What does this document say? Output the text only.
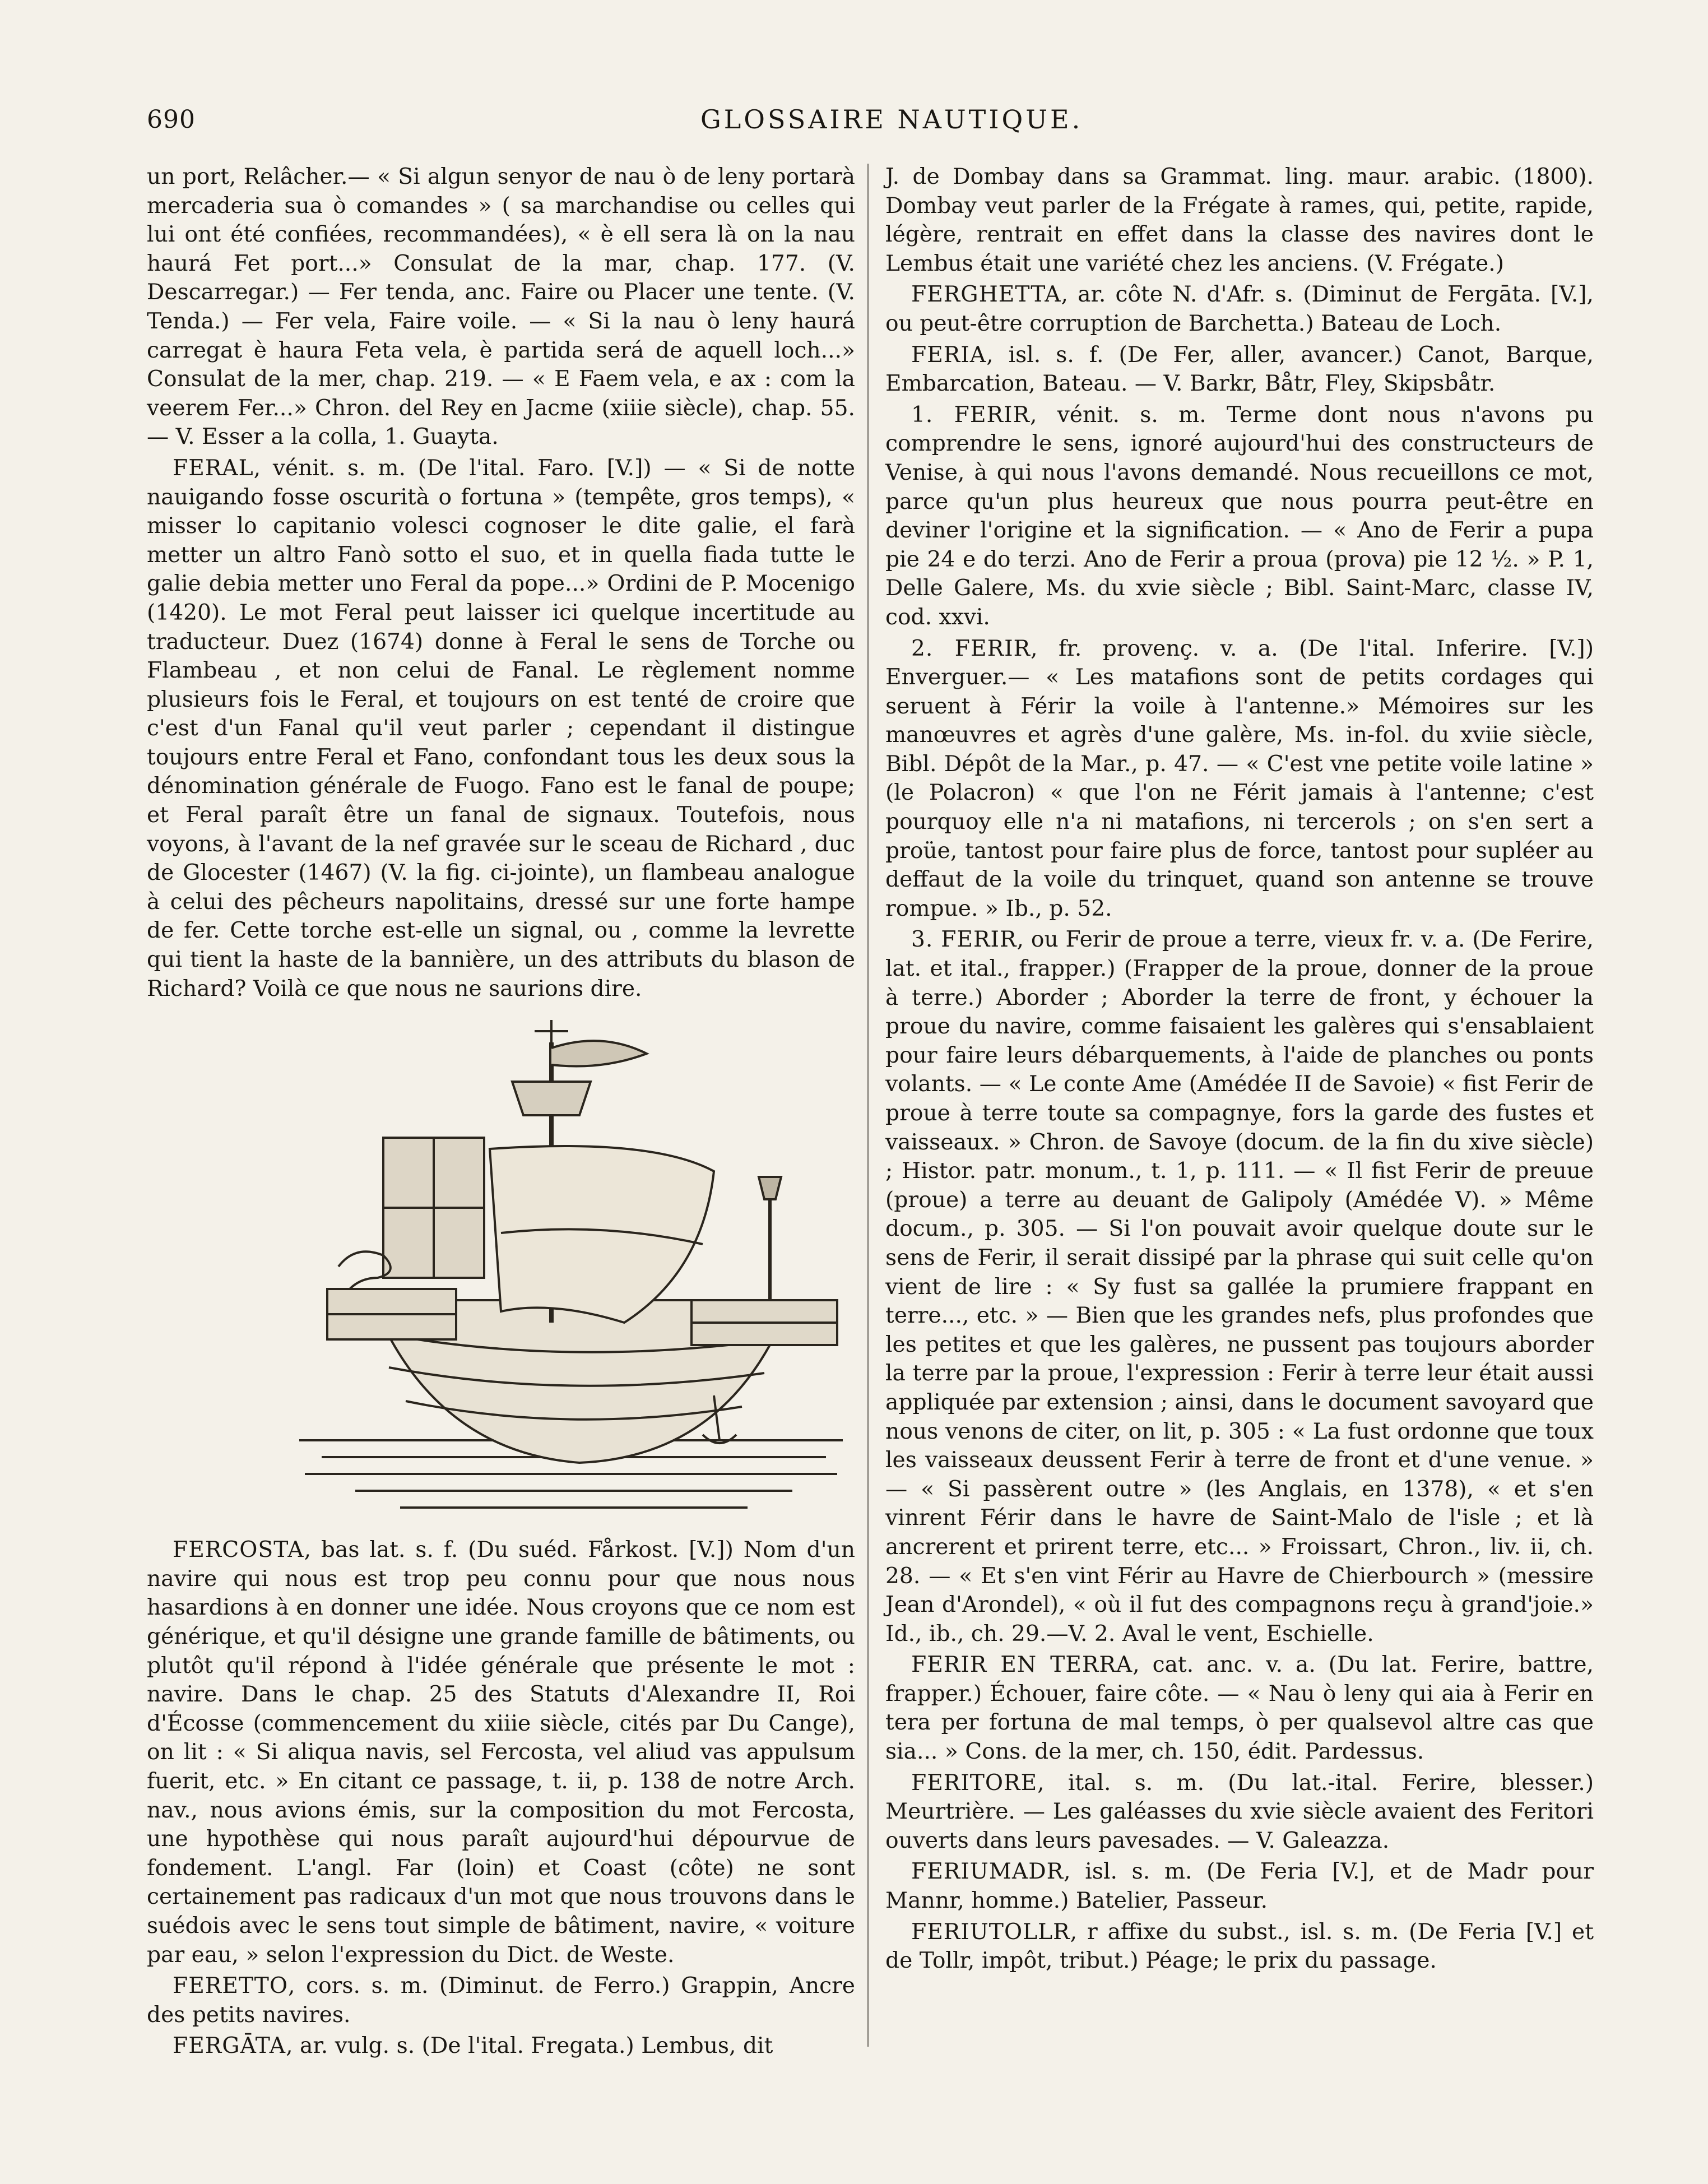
690	GLOSSAIRE NAUTIQUE.

un port, Relâcher.— « Si algun senyor de nau ò de leny portarà mercaderia sua ò comandes » ( sa marchandise ou celles qui lui ont été confiées, recommandées), « è ell sera là on la nau haurá Fet port...» Consulat de la mar, chap. 177. (V. Descarregar.) — Fer tenda, anc. Faire ou Placer une tente. (V. Tenda.) — Fer vela, Faire voile. — « Si la nau ò leny haurá carregat è haura Feta vela, è partida será de aquell loch...» Consulat de la mer, chap. 219. — « E Faem vela, e ax : com la veerem Fer...» Chron. del Rey en Jacme (xiiie siècle), chap. 55. — V. Esser a la colla, 1. Guayta.

FERAL, vénit. s. m. (De l'ital. Faro. [V.]) — « Si de notte nauigando fosse oscurità o fortuna » (tempête, gros temps), « misser lo capitanio volesci cognoser le dite galie, el farà metter un altro Fanò sotto el suo, et in quella fiada tutte le galie debia metter uno Feral da pope...» Ordini de P. Mocenigo (1420). Le mot Feral peut laisser ici quelque incertitude au traducteur. Duez (1674) donne à Feral le sens de Torche ou Flambeau , et non celui de Fanal. Le règlement nomme plusieurs fois le Feral, et toujours on est tenté de croire que c'est d'un Fanal qu'il veut parler ; cependant il distingue toujours entre Feral et Fano, confondant tous les deux sous la dénomination générale de Fuogo. Fano est le fanal de poupe; et Feral paraît être un fanal de signaux. Toutefois, nous voyons, à l'avant de la nef gravée sur le sceau de Richard , duc de Glocester (1467) (V. la fig. ci-jointe), un flambeau analogue à celui des pêcheurs napolitains, dressé sur une forte hampe de fer. Cette torche est-elle un signal, ou , comme la levrette qui tient la haste de la bannière, un des attributs du blason de Richard? Voilà ce que nous ne saurions dire.

FERCOSTA, bas lat. s. f. (Du suéd. Fårkost. [V.]) Nom d'un navire qui nous est trop peu connu pour que nous nous hasardions à en donner une idée. Nous croyons que ce nom est générique, et qu'il désigne une grande famille de bâtiments, ou plutôt qu'il répond à l'idée générale que présente le mot : navire. Dans le chap. 25 des Statuts d'Alexandre II, Roi d'Écosse (commencement du xiiie siècle, cités par Du Cange), on lit : « Si aliqua navis, sel Fercosta, vel aliud vas appulsum fuerit, etc. » En citant ce passage, t. ii, p. 138 de notre Arch. nav., nous avions émis, sur la composition du mot Fercosta, une hypothèse qui nous paraît aujourd'hui dépourvue de fondement. L'angl. Far (loin) et Coast (côte) ne sont certainement pas radicaux d'un mot que nous trouvons dans le suédois avec le sens tout simple de bâtiment, navire, « voiture par eau, » selon l'expression du Dict. de Weste.

FERETTO, cors. s. m. (Diminut. de Ferro.) Grappin, Ancre des petits navires.

FERGĀTA, ar. vulg. s. (De l'ital. Fregata.) Lembus, dit

J. de Dombay dans sa Grammat. ling. maur. arabic. (1800). Dombay veut parler de la Frégate à rames, qui, petite, rapide, légère, rentrait en effet dans la classe des navires dont le Lembus était une variété chez les anciens. (V. Frégate.)

FERGHETTA, ar. côte N. d'Afr. s. (Diminut de Fergāta. [V.], ou peut-être corruption de Barchetta.) Bateau de Loch.

FERIA, isl. s. f. (De Fer, aller, avancer.) Canot, Barque, Embarcation, Bateau. — V. Barkr, Båtr, Fley, Skipsbåtr.

1. FERIR, vénit. s. m. Terme dont nous n'avons pu comprendre le sens, ignoré aujourd'hui des constructeurs de Venise, à qui nous l'avons demandé. Nous recueillons ce mot, parce qu'un plus heureux que nous pourra peut-être en deviner l'origine et la signification. — « Ano de Ferir a pupa pie 24 e do terzi. Ano de Ferir a proua (prova) pie 12 ½. » P. 1, Delle Galere, Ms. du xvie siècle ; Bibl. Saint-Marc, classe IV, cod. xxvi.

2. FERIR, fr. provenç. v. a. (De l'ital. Inferire. [V.]) Enverguer.— « Les matafions sont de petits cordages qui seruent à Férir la voile à l'antenne.» Mémoires sur les manœuvres et agrès d'une galère, Ms. in-fol. du xviie siècle, Bibl. Dépôt de la Mar., p. 47. — « C'est vne petite voile latine » (le Polacron) « que l'on ne Férit jamais à l'antenne; c'est pourquoy elle n'a ni matafions, ni tercerols ; on s'en sert a proüe, tantost pour faire plus de force, tantost pour supléer au deffaut de la voile du trinquet, quand son antenne se trouve rompue. » Ib., p. 52.

3. FERIR, ou Ferir de proue a terre, vieux fr. v. a. (De Ferire, lat. et ital., frapper.) (Frapper de la proue, donner de la proue à terre.) Aborder ; Aborder la terre de front, y échouer la proue du navire, comme faisaient les galères qui s'ensablaient pour faire leurs débarquements, à l'aide de planches ou ponts volants. — « Le conte Ame (Amédée II de Savoie) « fist Ferir de proue à terre toute sa compagnye, fors la garde des fustes et vaisseaux. » Chron. de Savoye (docum. de la fin du xive siècle) ; Histor. patr. monum., t. 1, p. 111. — « Il fist Ferir de preuue (proue) a terre au deuant de Galipoly (Amédée V). » Même docum., p. 305. — Si l'on pouvait avoir quelque doute sur le sens de Ferir, il serait dissipé par la phrase qui suit celle qu'on vient de lire : « Sy fust sa gallée la prumiere frappant en terre..., etc. » — Bien que les grandes nefs, plus profondes que les petites et que les galères, ne pussent pas toujours aborder la terre par la proue, l'expression : Ferir à terre leur était aussi appliquée par extension ; ainsi, dans le document savoyard que nous venons de citer, on lit, p. 305 : « La fust ordonne que toux les vaisseaux deussent Ferir à terre de front et d'une venue. » — « Si passèrent outre » (les Anglais, en 1378), « et s'en vinrent Férir dans le havre de Saint-Malo de l'isle ; et là ancrerent et prirent terre, etc... » Froissart, Chron., liv. ii, ch. 28. — « Et s'en vint Férir au Havre de Chierbourch » (messire Jean d'Arondel), « où il fut des compagnons reçu à grand'joie.» Id., ib., ch. 29.—V. 2. Aval le vent, Eschielle.

FERIR EN TERRA, cat. anc. v. a. (Du lat. Ferire, battre, frapper.) Échouer, faire côte. — « Nau ò leny qui aia à Ferir en tera per fortuna de mal temps, ò per qualsevol altre cas que sia... » Cons. de la mer, ch. 150, édit. Pardessus.

FERITORE, ital. s. m. (Du lat.-ital. Ferire, blesser.) Meurtrière. — Les galéasses du xvie siècle avaient des Feritori ouverts dans leurs pavesades. — V. Galeazza.

FERIUMADR, isl. s. m. (De Feria [V.], et de Madr pour Mannr, homme.) Batelier, Passeur.

FERIUTOLLR, r affixe du subst., isl. s. m. (De Feria [V.] et de Tollr, impôt, tribut.) Péage; le prix du passage.
